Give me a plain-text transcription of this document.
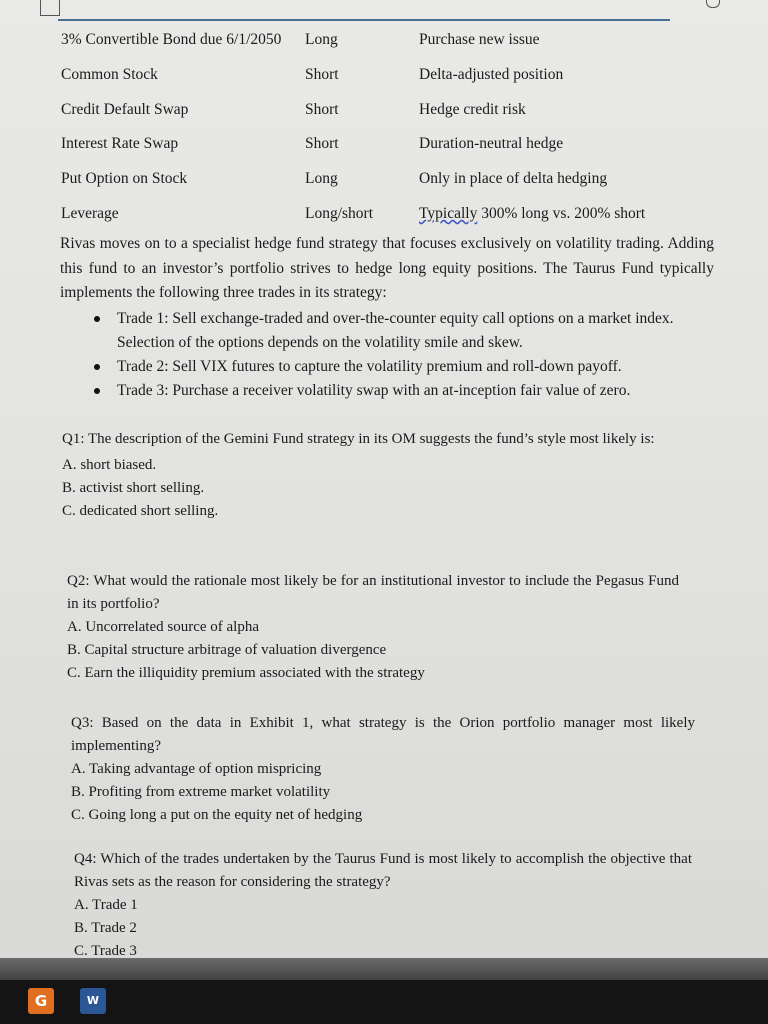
3% Convertible Bond due 6/1/2050 Long	Purchase new issue
Common Stock	Short	Delta-adjusted position
Credit Default Swap	Short	Hedge credit risk
Interest Rate Swap	Short	Duration-neutral hedge
Put Option on Stock	Long	Only in place of delta hedging
Leverage	Long/short	Typically 300% long vs. 200% short
Rivas moves on to a specialist hedge fund strategy that focuses exclusively on volatility trading. Adding this fund to an investor’s portfolio strives to hedge long equity positions. The Taurus Fund typically implements the following three trades in its strategy:
Trade 1: Sell exchange-traded and over-the-counter equity call options on a market index. Selection of the options depends on the volatility smile and skew.
Trade 2: Sell VIX futures to capture the volatility premium and roll-down payoff.
Trade 3: Purchase a receiver volatility swap with an at-inception fair value of zero.
Q1: The description of the Gemini Fund strategy in its OM suggests the fund’s style most likely is:
A. short biased.
B. activist short selling.
C. dedicated short selling.
Q2: What would the rationale most likely be for an institutional investor to include the Pegasus Fund in its portfolio?
A. Uncorrelated source of alpha
B. Capital structure arbitrage of valuation divergence
C. Earn the illiquidity premium associated with the strategy
Q3: Based on the data in Exhibit 1, what strategy is the Orion portfolio manager most likely implementing?
A. Taking advantage of option mispricing
B. Profiting from extreme market volatility
C. Going long a put on the equity net of hedging
Q4: Which of the trades undertaken by the Taurus Fund is most likely to accomplish the objective that Rivas sets as the reason for considering the strategy?
A. Trade 1
B. Trade 2
C. Trade 3
G	W
